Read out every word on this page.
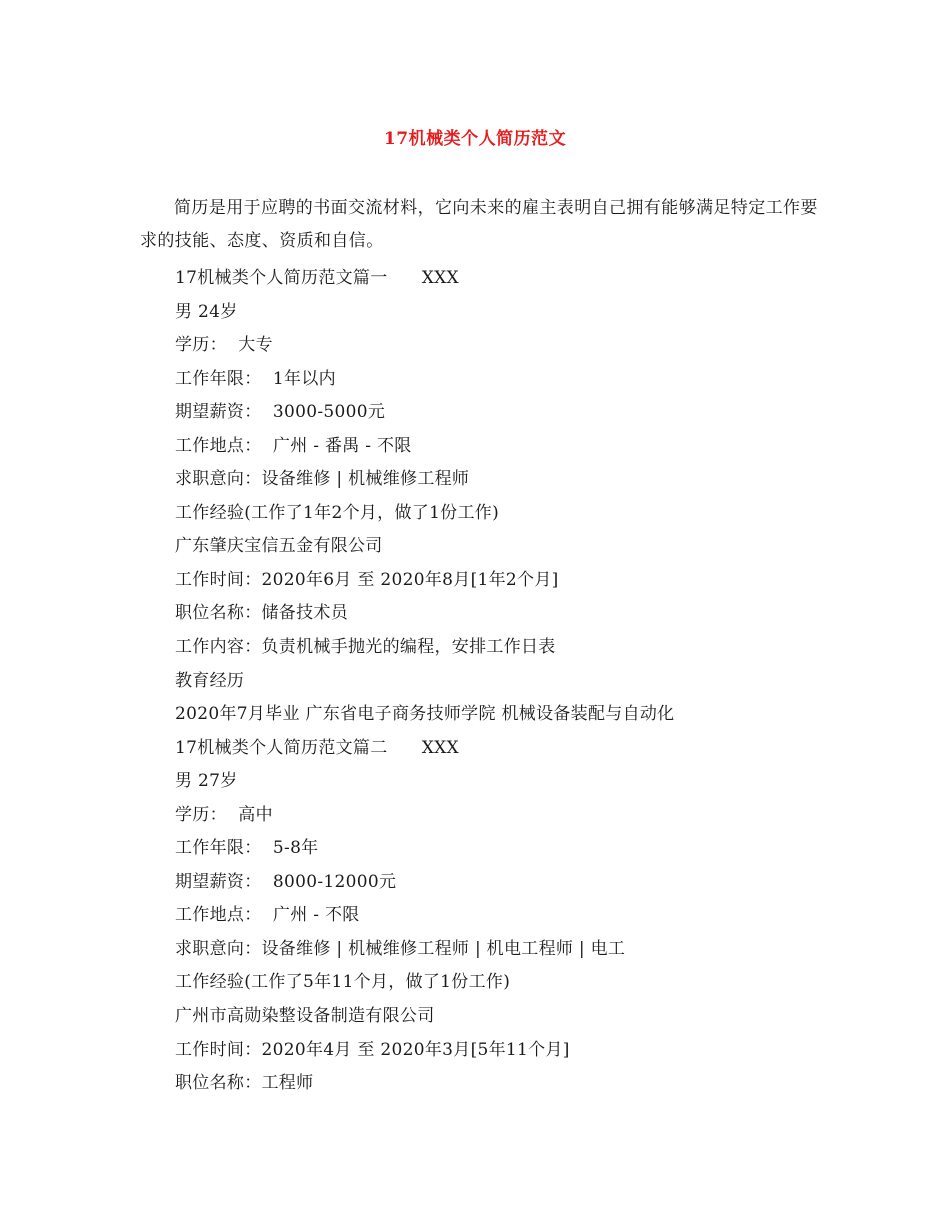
17机械类个人简历范文
简历是用于应聘的书面交流材料，它向未来的雇主表明自己拥有能够满足特定工作要求的技能、态度、资质和自信。
17机械类个人简历范文篇一      XXX
男 24岁
学历：  大专
工作年限：  1年以内
期望薪资：  3000-5000元
工作地点：  广州 - 番禺 - 不限
求职意向：设备维修 | 机械维修工程师
工作经验(工作了1年2个月，做了1份工作)
广东肇庆宝信五金有限公司
工作时间：2020年6月 至 2020年8月[1年2个月]
职位名称：储备技术员
工作内容：负责机械手抛光的编程，安排工作日表
教育经历
2020年7月毕业 广东省电子商务技师学院 机械设备装配与自动化
17机械类个人简历范文篇二      XXX
男 27岁
学历：  高中
工作年限：  5-8年
期望薪资：  8000-12000元
工作地点：  广州 - 不限
求职意向：设备维修 | 机械维修工程师 | 机电工程师 | 电工
工作经验(工作了5年11个月，做了1份工作)
广州市高勋染整设备制造有限公司
工作时间：2020年4月 至 2020年3月[5年11个月]
职位名称：工程师
